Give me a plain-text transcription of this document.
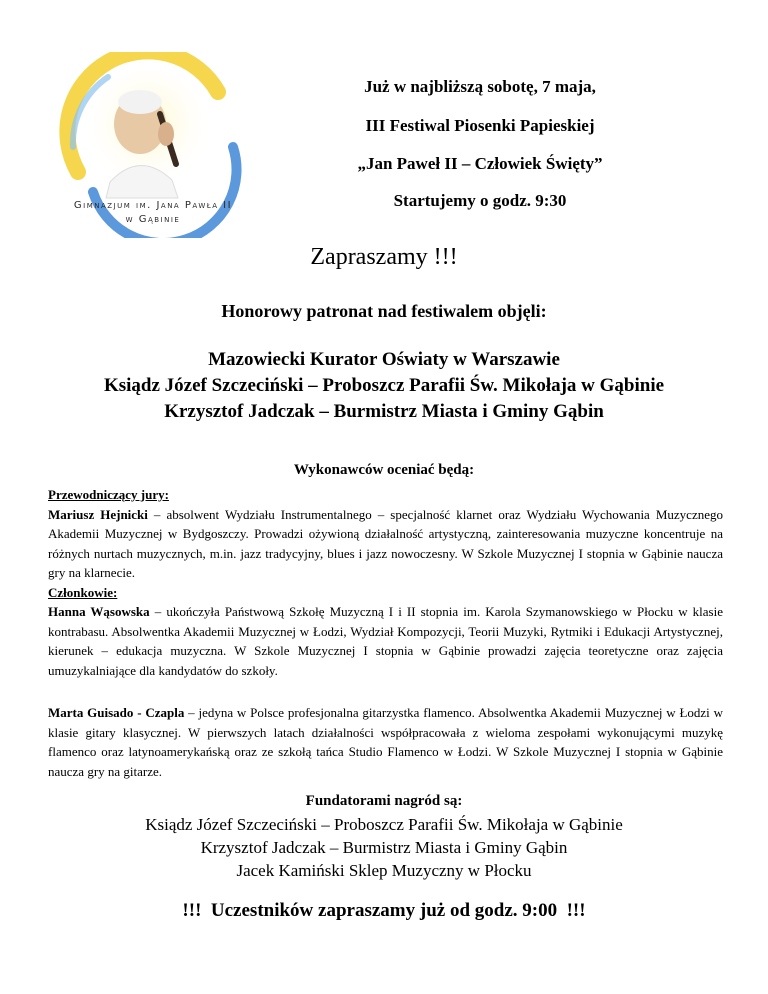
Gimnazjum im. Jana Pawła II
w Gąbinie
Już w najbliższą sobotę, 7 maja,
III Festiwal Piosenki Papieskiej
„Jan Paweł II – Człowiek Święty”
Startujemy o godz. 9:30
Zapraszamy !!!
Honorowy patronat nad festiwalem objęli:
Mazowiecki Kurator Oświaty w Warszawie
Ksiądz Józef Szczeciński – Proboszcz Parafii Św. Mikołaja w Gąbinie
Krzysztof Jadczak – Burmistrz Miasta i Gminy Gąbin
Wykonawców oceniać będą:

Przewodniczący jury:

Mariusz Hejnicki – absolwent Wydziału Instrumentalnego – specjalność klarnet oraz Wydziału Wychowania Muzycznego Akademii Muzycznej w Bydgoszczy. Prowadzi ożywioną działalność artystyczną, zainteresowania muzyczne koncentruje na różnych nurtach muzycznych, m.in. jazz tradycyjny, blues i jazz nowoczesny. W Szkole Muzycznej I stopnia w Gąbinie naucza gry na klarnecie.

Członkowie:

Hanna Wąsowska – ukończyła Państwową Szkołę Muzyczną I i II stopnia im. Karola Szymanowskiego w Płocku w klasie kontrabasu. Absolwentka Akademii Muzycznej w Łodzi, Wydział Kompozycji, Teorii Muzyki, Rytmiki i Edukacji Artystycznej, kierunek – edukacja muzyczna. W Szkole Muzycznej I stopnia w Gąbinie prowadzi zajęcia teoretyczne oraz zajęcia umuzykalniające dla kandydatów do szkoły.

Marta Guisado - Czapla – jedyna w Polsce profesjonalna gitarzystka flamenco. Absolwentka Akademii Muzycznej w Łodzi w klasie gitary klasycznej. W pierwszych latach działalności współpracowała z wieloma zespołami wykonującymi muzykę flamenco oraz latynoamerykańską oraz ze szkołą tańca Studio Flamenco w Łodzi. W Szkole Muzycznej I stopnia w Gąbinie naucza gry na gitarze.

Fundatorami nagród są:
Ksiądz Józef Szczeciński – Proboszcz Parafii Św. Mikołaja w Gąbinie
Krzysztof Jadczak – Burmistrz Miasta i Gminy Gąbin
Jacek Kamiński Sklep Muzyczny w Płocku
!!!  Uczestników zapraszamy już od godz. 9:00  !!!
